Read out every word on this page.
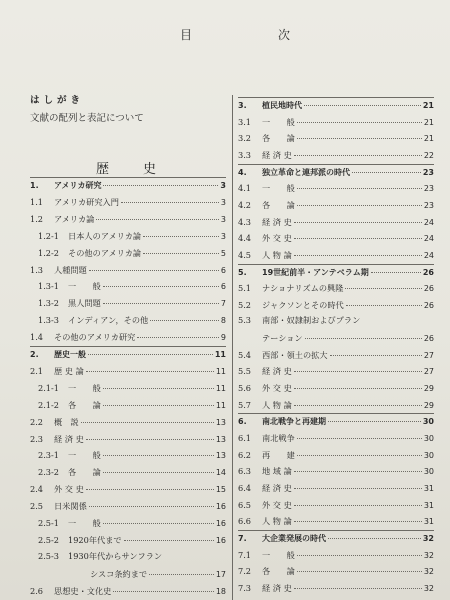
目	次
はしがき
文献の配列と表記について
歴	史
1.	アメリカ研究	3
1.1	アメリカ研究入門	3
1.2	アメリカ論	3
1.2-1	日本人のアメリカ論	3
1.2-2	その他のアメリカ論	5
1.3	人種問題	6
1.3-1	一　　般	6
1.3-2	黒人問題	7
1.3-3	インディアン，その他	8
1.4	その他のアメリカ研究	9
2.	歴史一般	11
2.1	歴 史 論	11
2.1-1	一　　般	11
2.1-2	各　　論	11
2.2	概　説	13
2.3	経 済 史	13
2.3-1	一　　般	13
2.3-2	各　　論	14
2.4	外 交 史	15
2.5	日米関係	16
2.5-1	一　　般	16
2.5-2	1920年代まで	16
2.5-3	1930年代からサンフラン
シスコ条約まで	17
2.6	思想史・文化史	18
3.	植民地時代	21
3.1	一　　般	21
3.2	各　　論	21
3.3	経 済 史	22
4.	独立革命と連邦派の時代	23
4.1	一　　般	23
4.2	各　　論	23
4.3	経 済 史	24
4.4	外 交 史	24
4.5	人 物 論	24
5.	19世紀前半・アンテベラム期	26
5.1	ナショナリズムの興隆	26
5.2	ジャクソンとその時代	26
5.3	南部・奴隷制およびプラン
テーション	26
5.4	西部・領土の拡大	27
5.5	経 済 史	27
5.6	外 交 史	29
5.7	人 物 論	29
6.	南北戦争と再建期	30
6.1	南北戦争	30
6.2	再　　建	30
6.3	地 域 論	30
6.4	経 済 史	31
6.5	外 交 史	31
6.6	人 物 論	31
7.	大企業発展の時代	32
7.1	一　　般	32
7.2	各　　論	32
7.3	経 済 史	32
